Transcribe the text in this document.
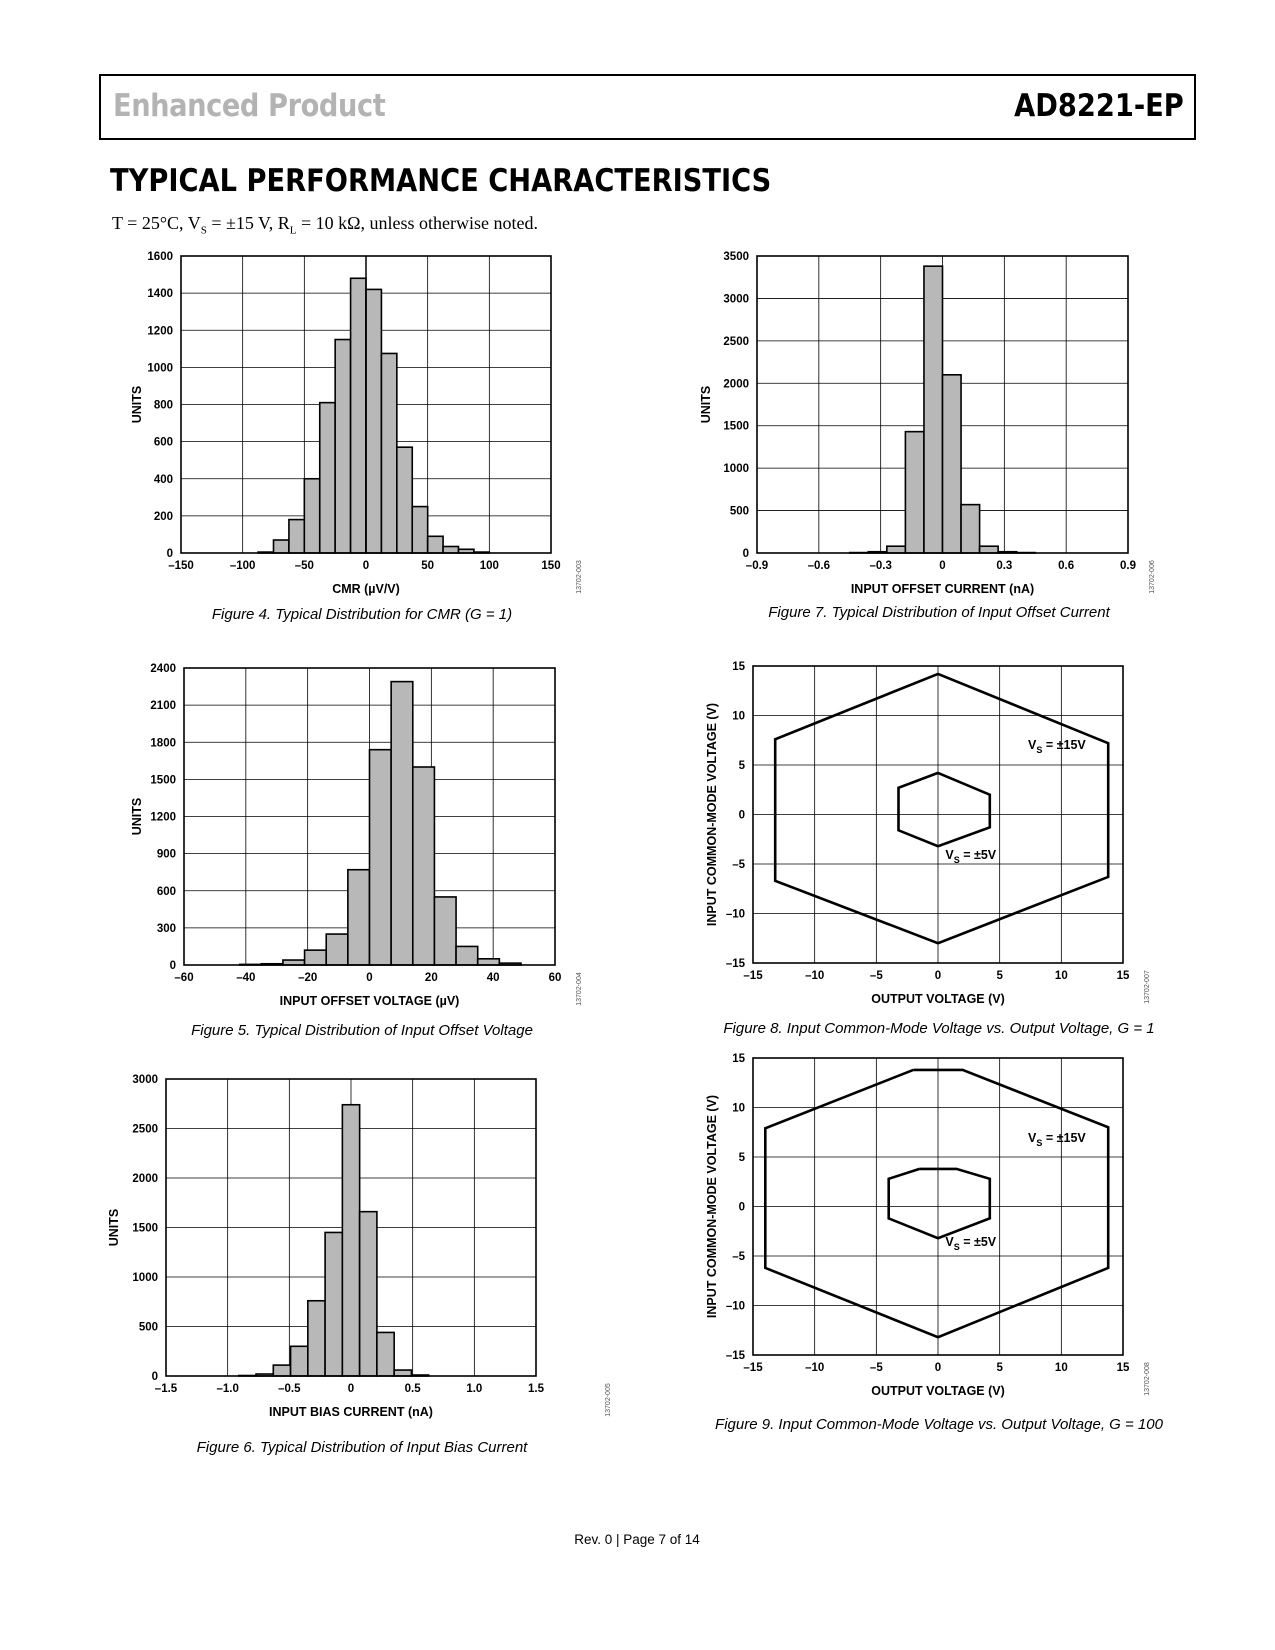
Enhanced Product	AD8221-EP
TYPICAL PERFORMANCE CHARACTERISTICS
T = 25°C, $V_S = \pm 15$ V, $R_L = 10$ kΩ, unless otherwise noted.
–150	–100	–50	0	50	100	150
0
200
400
600
800
1000
1200
1400
1600
CMR (µV/V)
UNITS
13702-003	–0.9	–0.6	–0.3	0	0.3	0.6	0.9
0
500
1000
1500
2000
2500
3000
3500
INPUT OFFSET CURRENT (nA)
UNITS
13702-006
–60	–40	–20	0	20	40	60
0
300
600
900
1200
1500
1800
2100
2400
INPUT OFFSET VOLTAGE (µV)
UNITS
13702-004
–1.5	–1.0	–0.5	0	0.5	1.0	1.5
0
500
1000
1500
2000
2500
3000
INPUT BIAS CURRENT (nA)
UNITS
13702-005
$V_S = \pm 15V$
$V_S = \pm 5V$
–15	–10	–5	0	5	10	15
–15
–10
–5
0
5
10
15
OUTPUT VOLTAGE (V)
INPUT COMMON-MODE VOLTAGE (V)
13702-007
$V_S = \pm 15V$
$V_S = \pm 5V$
–15	–10	–5	0	5	10	15
–15
–10
–5
0
5
10
15
OUTPUT VOLTAGE (V)
INPUT COMMON-MODE VOLTAGE (V)
13702-008
Figure 4. Typical Distribution for CMR (G = 1)	Figure 7. Typical Distribution of Input Offset Current
Figure 5. Typical Distribution of Input Offset Voltage
Figure 6. Typical Distribution of Input Bias Current
Figure 8. Input Common-Mode Voltage vs. Output Voltage, G = 1
Figure 9. Input Common-Mode Voltage vs. Output Voltage, G = 100
Rev. 0 | Page 7 of 14
